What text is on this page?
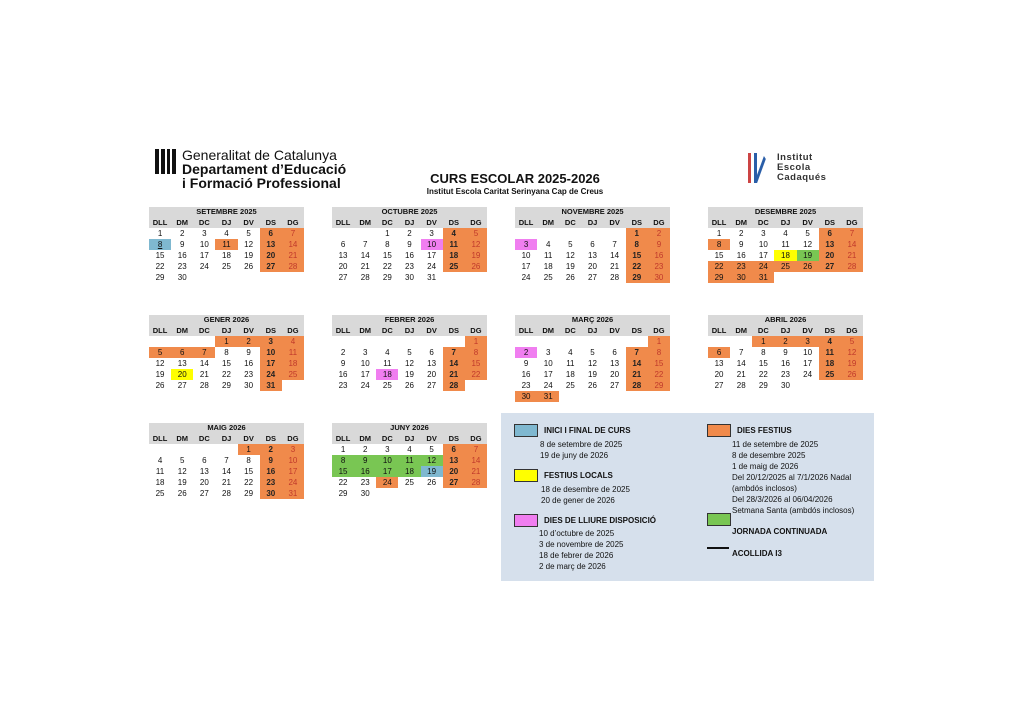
Generalitat de Catalunya
Departament d’Educació
i Formació Professional	CURS ESCOLAR 2025-2026
Institut Escola Caritat Serinyana Cap de Creus
Institut
Escola
Cadaqués
SETEMBRE 2025
DLL	DM	DC	DJ	DV	DS	DG
1	2	3	4	5	6	7
8	9	10	11	12	13	14
15	16	17	18	19	20	21
22	23	24	25	26	27	28
29	30					
OCTUBRE 2025
DLL	DM	DC	DJ	DV	DS	DG
		1	2	3	4	5
6	7	8	9	10	11	12
13	14	15	16	17	18	19
20	21	22	23	24	25	26
27	28	29	30	31		
NOVEMBRE 2025
DLL	DM	DC	DJ	DV	DS	DG
					1	2
3	4	5	6	7	8	9
10	11	12	13	14	15	16
17	18	19	20	21	22	23
24	25	26	27	28	29	30
DESEMBRE 2025
DLL	DM	DC	DJ	DV	DS	DG
1	2	3	4	5	6	7
8	9	10	11	12	13	14
15	16	17	18	19	20	21
22	23	24	25	26	27	28
29	30	31				
GENER 2026
DLL	DM	DC	DJ	DV	DS	DG
			1	2	3	4
5	6	7	8	9	10	11
12	13	14	15	16	17	18
19	20	21	22	23	24	25
26	27	28	29	30	31	
FEBRER 2026
DLL	DM	DC	DJ	DV	DS	DG
						1
2	3	4	5	6	7	8
9	10	11	12	13	14	15
16	17	18	19	20	21	22
23	24	25	26	27	28	
MARÇ 2026
DLL	DM	DC	DJ	DV	DS	DG
						1
2	3	4	5	6	7	8
9	10	11	12	13	14	15
16	17	18	19	20	21	22
23	24	25	26	27	28	29
30	31					
ABRIL 2026
DLL	DM	DC	DJ	DV	DS	DG
		1	2	3	4	5
6	7	8	9	10	11	12
13	14	15	16	17	18	19
20	21	22	23	24	25	26
27	28	29	30			
MAIG 2026
DLL	DM	DC	DJ	DV	DS	DG
				1	2	3
4	5	6	7	8	9	10
11	12	13	14	15	16	17
18	19	20	21	22	23	24
25	26	27	28	29	30	31
JUNY 2026
DLL	DM	DC	DJ	DV	DS	DG
1	2	3	4	5	6	7
8	9	10	11	12	13	14
15	16	17	18	19	20	21
22	23	24	25	26	27	28
29	30					
INICI I FINAL DE CURS
8 de setembre de 2025
19 de juny de 2026
FESTIUS LOCALS
18 de desembre de 2025
20 de gener de 2026
DIES DE LLIURE DISPOSICIÓ
10 d’octubre de 2025
3 de novembre de 2025
18 de febrer de 2026
2 de març de 2026
DIES FESTIUS
11 de setembre de 2025
8 de desembre 2025
1 de maig de 2026
Del 20/12/2025 al 7/1/2026 Nadal
(ambdós inclosos)
Del 28/3/2026 al 06/04/2026
Setmana Santa (ambdós inclosos)
JORNADA CONTINUADA
ACOLLIDA I3
